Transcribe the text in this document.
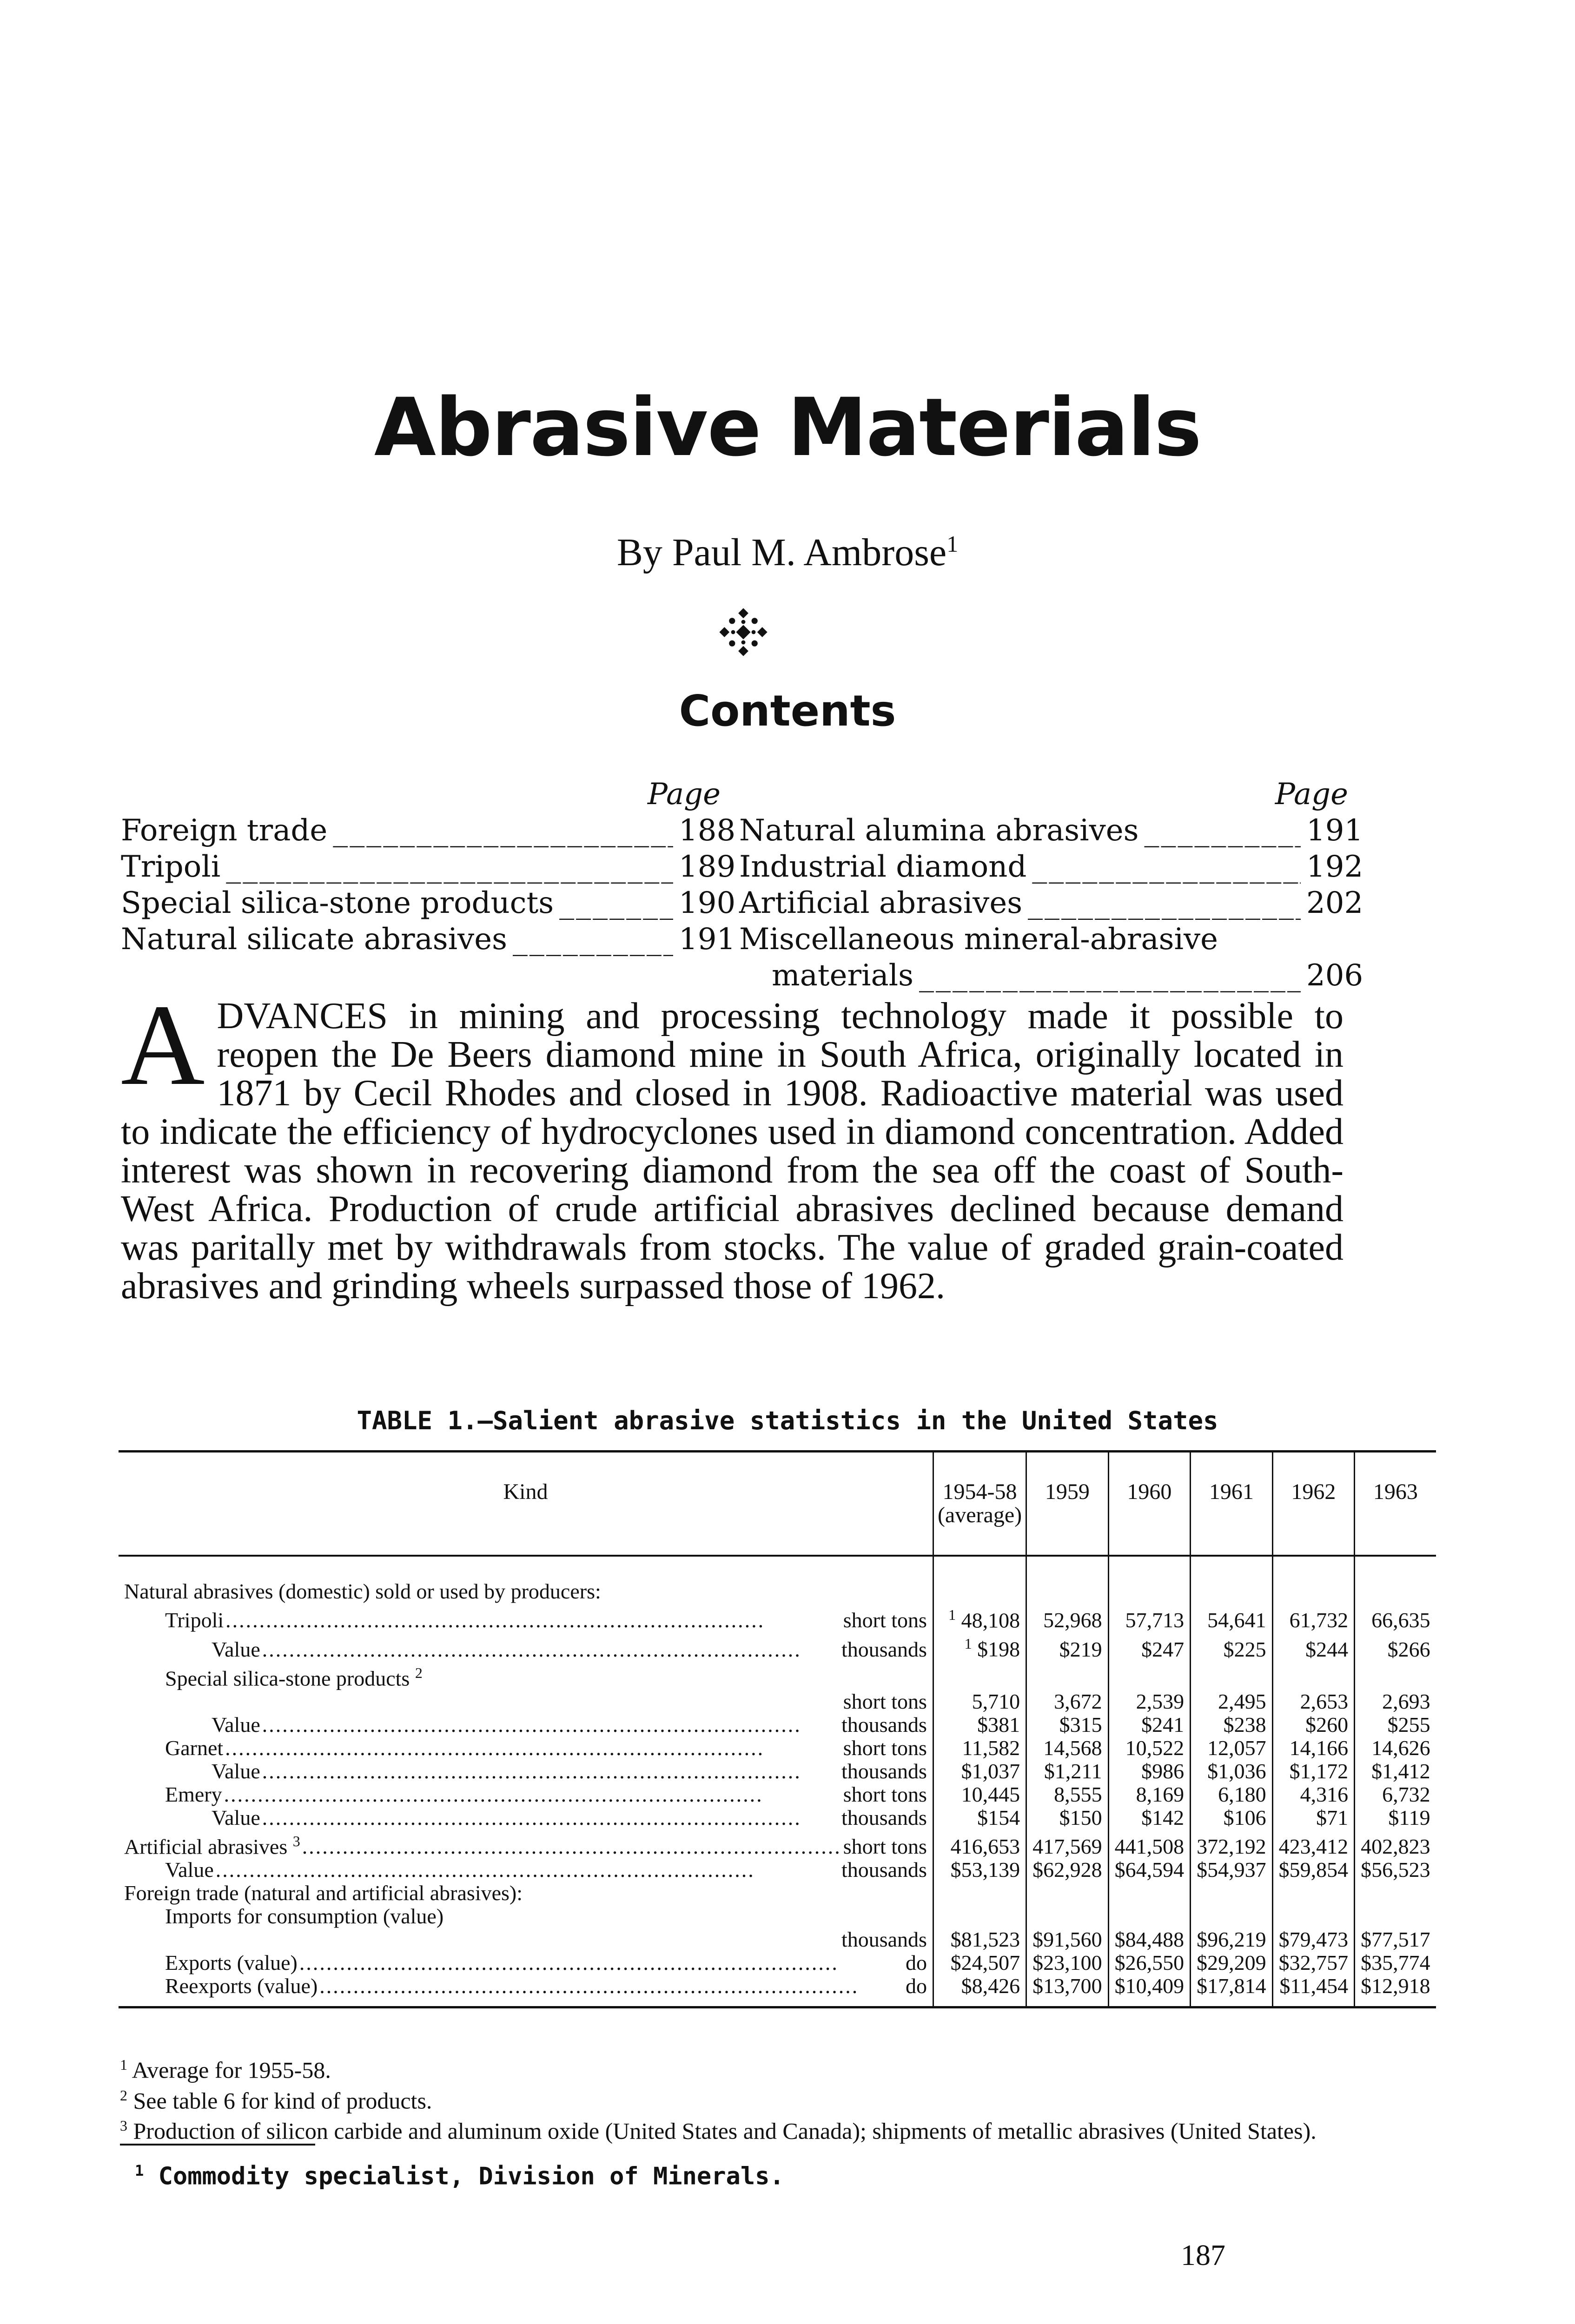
Abrasive Materials
By Paul M. Ambrose$^1$
Contents
Page
Foreign trade _____	188
Tripoli _____	189
Special silica-stone products _____	190
Natural silicate abrasives _____	191
Page
Natural alumina abrasives _____	191
Industrial diamond _____	192
Artificial abrasives _____	202
Miscellaneous mineral-abrasive
materials _____	206
ADVANCES in mining and processing technology made it possible to reopen the De Beers diamond mine in South Africa, originally located in 1871 by Cecil Rhodes and closed in 1908. Radioactive material was used to indicate the efficiency of hydrocyclones used in diamond concentration. Added interest was shown in recovering diamond from the sea off the coast of South-West Africa. Production of crude artificial abrasives declined because demand was paritally met by withdrawals from stocks. The value of graded grain-coated abrasives and grinding wheels surpassed those of 1962.
TABLE 1.—Salient abrasive statistics in the United States
Kind	1954-58 (average)	1959	1960	1961	1962	1963
Natural abrasives (domestic) sold or used by producers:						

Tripoli ..... short tons	$^1$ 48,108	52,968	57,713	54,641	61,732	66,635

Value ..... thousands	$^1$ $198	$219	$247	$225	$244	$266
Special silica-stone products $^2$						
short tons	5,710	3,672	2,539	2,495	2,653	2,693

Value ..... thousands	$381	$315	$241	$238	$260	$255

Garnet ..... short tons	11,582	14,568	10,522	12,057	14,166	14,626

Value ..... thousands	$1,037	$1,211	$986	$1,036	$1,172	$1,412

Emery ..... short tons	10,445	8,555	8,169	6,180	4,316	6,732

Value ..... thousands	$154	$150	$142	$106	$71	$119

Artificial abrasives $^3$ ..... short tons	416,653	417,569	441,508	372,192	423,412	402,823

Value ..... thousands	$53,139	$62,928	$64,594	$54,937	$59,854	$56,523
Foreign trade (natural and artificial abrasives):						
Imports for consumption (value)						
thousands	$81,523	$91,560	$84,488	$96,219	$79,473	$77,517

Exports (value) ..... do	$24,507	$23,100	$26,550	$29,209	$32,757	$35,774

Reexports (value) ..... do	$8,426	$13,700	$10,409	$17,814	$11,454	$12,918

$^1$ Average for 1955-58.

$^2$ See table 6 for kind of products.

$^3$ Production of silicon carbide and aluminum oxide (United States and Canada); shipments of metallic abrasives (United States).

$^1$ Commodity specialist, Division of Minerals.
187
